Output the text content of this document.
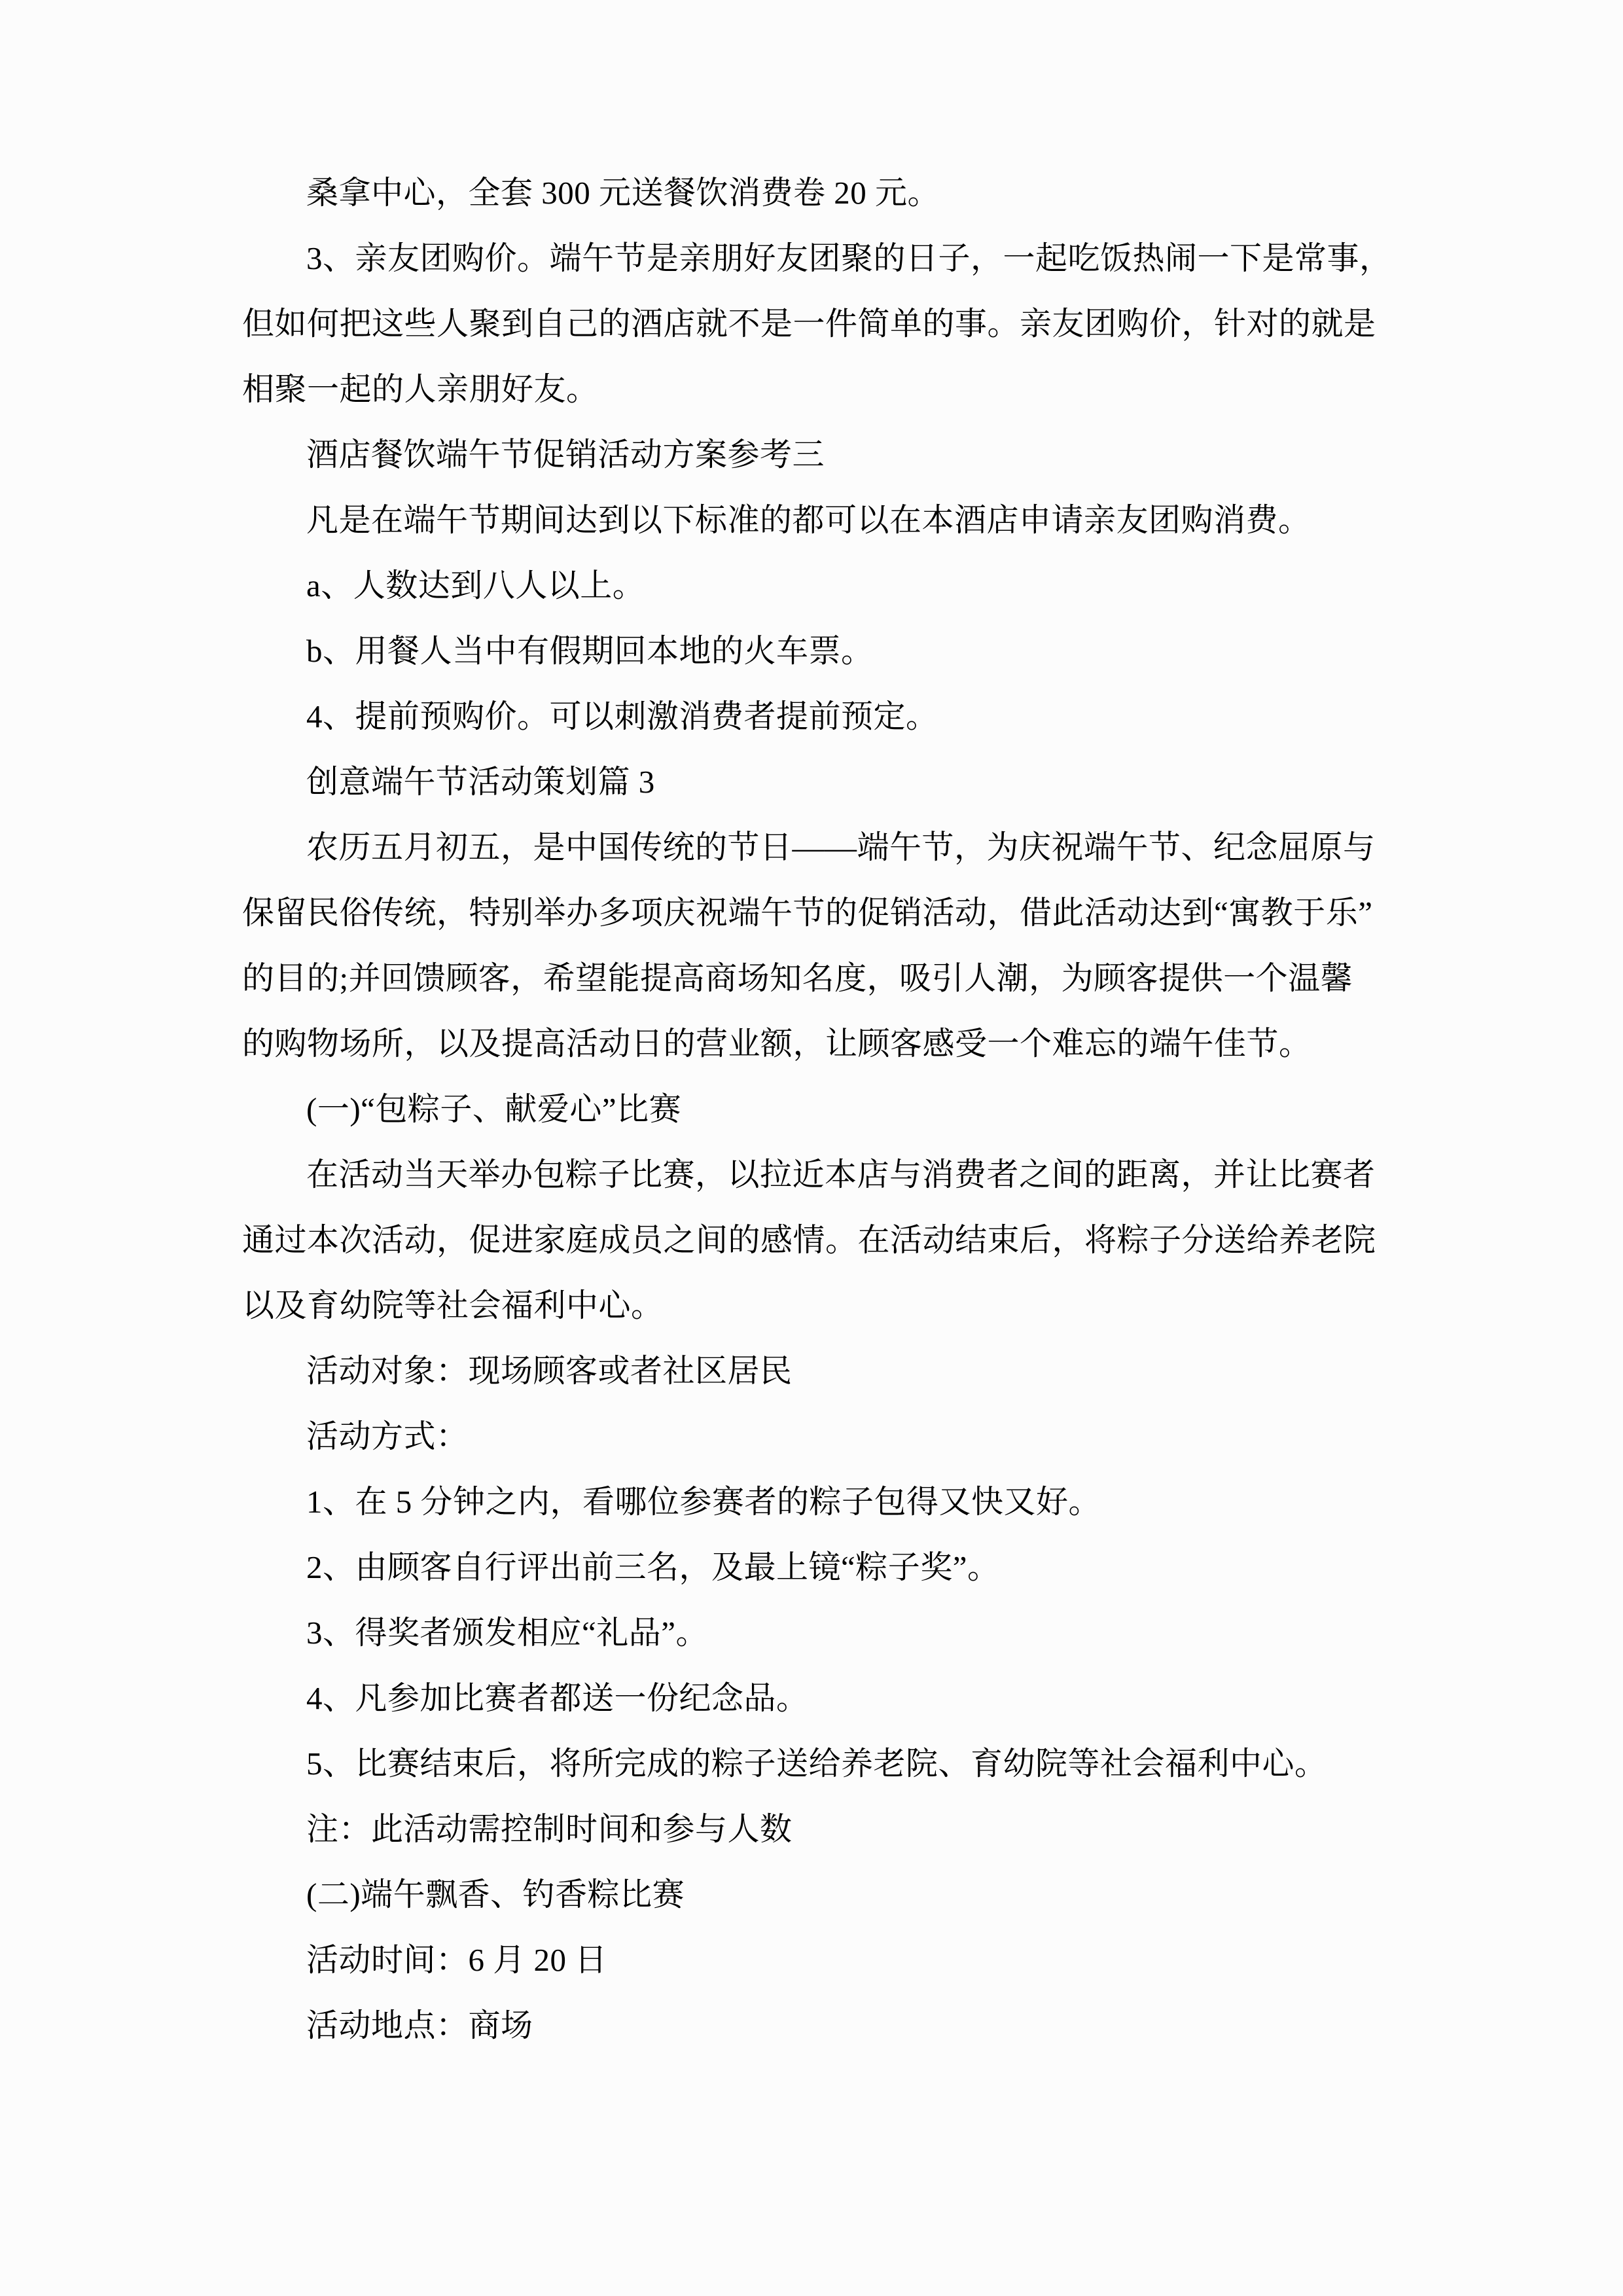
桑拿中心，全套 300 元送餐饮消费卷 20 元。

3、亲友团购价。端午节是亲朋好友团聚的日子，一起吃饭热闹一下是常事，

但如何把这些人聚到自己的酒店就不是一件简单的事。亲友团购价，针对的就是

相聚一起的人亲朋好友。

酒店餐饮端午节促销活动方案参考三

凡是在端午节期间达到以下标准的都可以在本酒店申请亲友团购消费。

a、人数达到八人以上。

b、用餐人当中有假期回本地的火车票。

4、提前预购价。可以刺激消费者提前预定。

创意端午节活动策划篇 3

农历五月初五，是中国传统的节日——端午节，为庆祝端午节、纪念屈原与

保留民俗传统，特别举办多项庆祝端午节的促销活动，借此活动达到“寓教于乐”

的目的;并回馈顾客，希望能提高商场知名度，吸引人潮，为顾客提供一个温馨

的购物场所，以及提高活动日的营业额，让顾客感受一个难忘的端午佳节。

(一)“包粽子、献爱心”比赛

在活动当天举办包粽子比赛，以拉近本店与消费者之间的距离，并让比赛者

通过本次活动，促进家庭成员之间的感情。在活动结束后，将粽子分送给养老院

以及育幼院等社会福利中心。

活动对象：现场顾客或者社区居民

活动方式：

1、在 5 分钟之内，看哪位参赛者的粽子包得又快又好。

2、由顾客自行评出前三名，及最上镜“粽子奖”。

3、得奖者颁发相应“礼品”。

4、凡参加比赛者都送一份纪念品。

5、比赛结束后，将所完成的粽子送给养老院、育幼院等社会福利中心。

注：此活动需控制时间和参与人数

(二)端午飘香、钓香粽比赛

活动时间：6 月 20 日

活动地点：商场
